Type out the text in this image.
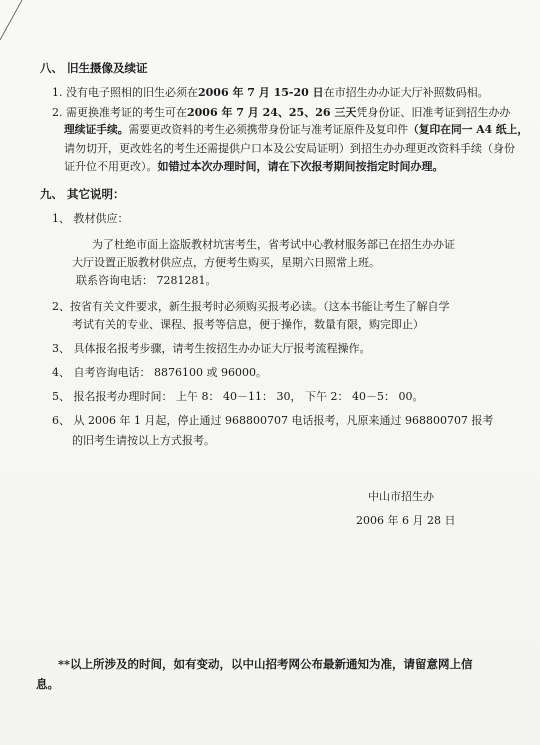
八、 旧生摄像及续证
1. 没有电子照相的旧生必须在2006 年 7 月 15-20 日在市招生办办证大厅补照数码相。
2. 需更换准考证的考生可在2006 年 7 月 24、25、26 三天凭身份证、旧准考证到招生办办
理续证手续。需要更改资料的考生必须携带身份证与准考证原件及复印件（复印在同一 A4 纸上，
请勿切开，更改姓名的考生还需提供户口本及公安局证明）到招生办办理更改资料手续（身份
证升位不用更改）。如错过本次办理时间，请在下次报考期间按指定时间办理。
九、 其它说明：
1、 教材供应：
为了杜绝市面上盗版教材坑害考生，省考试中心教材服务部已在招生办办证
大厅设置正版教材供应点，方便考生购买，星期六日照常上班。
联系咨询电话： 7281281。
2、按省有关文件要求，新生报考时必须购买报考必读。（这本书能让考生了解自学
考试有关的专业、课程、报考等信息，便于操作，数量有限，购完即止）
3、 具体报名报考步骤，请考生按招生办办证大厅报考流程操作。
4、 自考咨询电话： 8876100 或 96000。
5、 报名报考办理时间： 上午 8： 40－11： 30， 下午 2： 40－5： 00。
6、 从 2006 年 1 月起，停止通过 968800707 电话报考，凡原来通过 968800707 报考
的旧考生请按以上方式报考。
中山市招生办
2006 年 6 月 28 日
**以上所涉及的时间，如有变动，以中山招考网公布最新通知为准，请留意网上信
息。
